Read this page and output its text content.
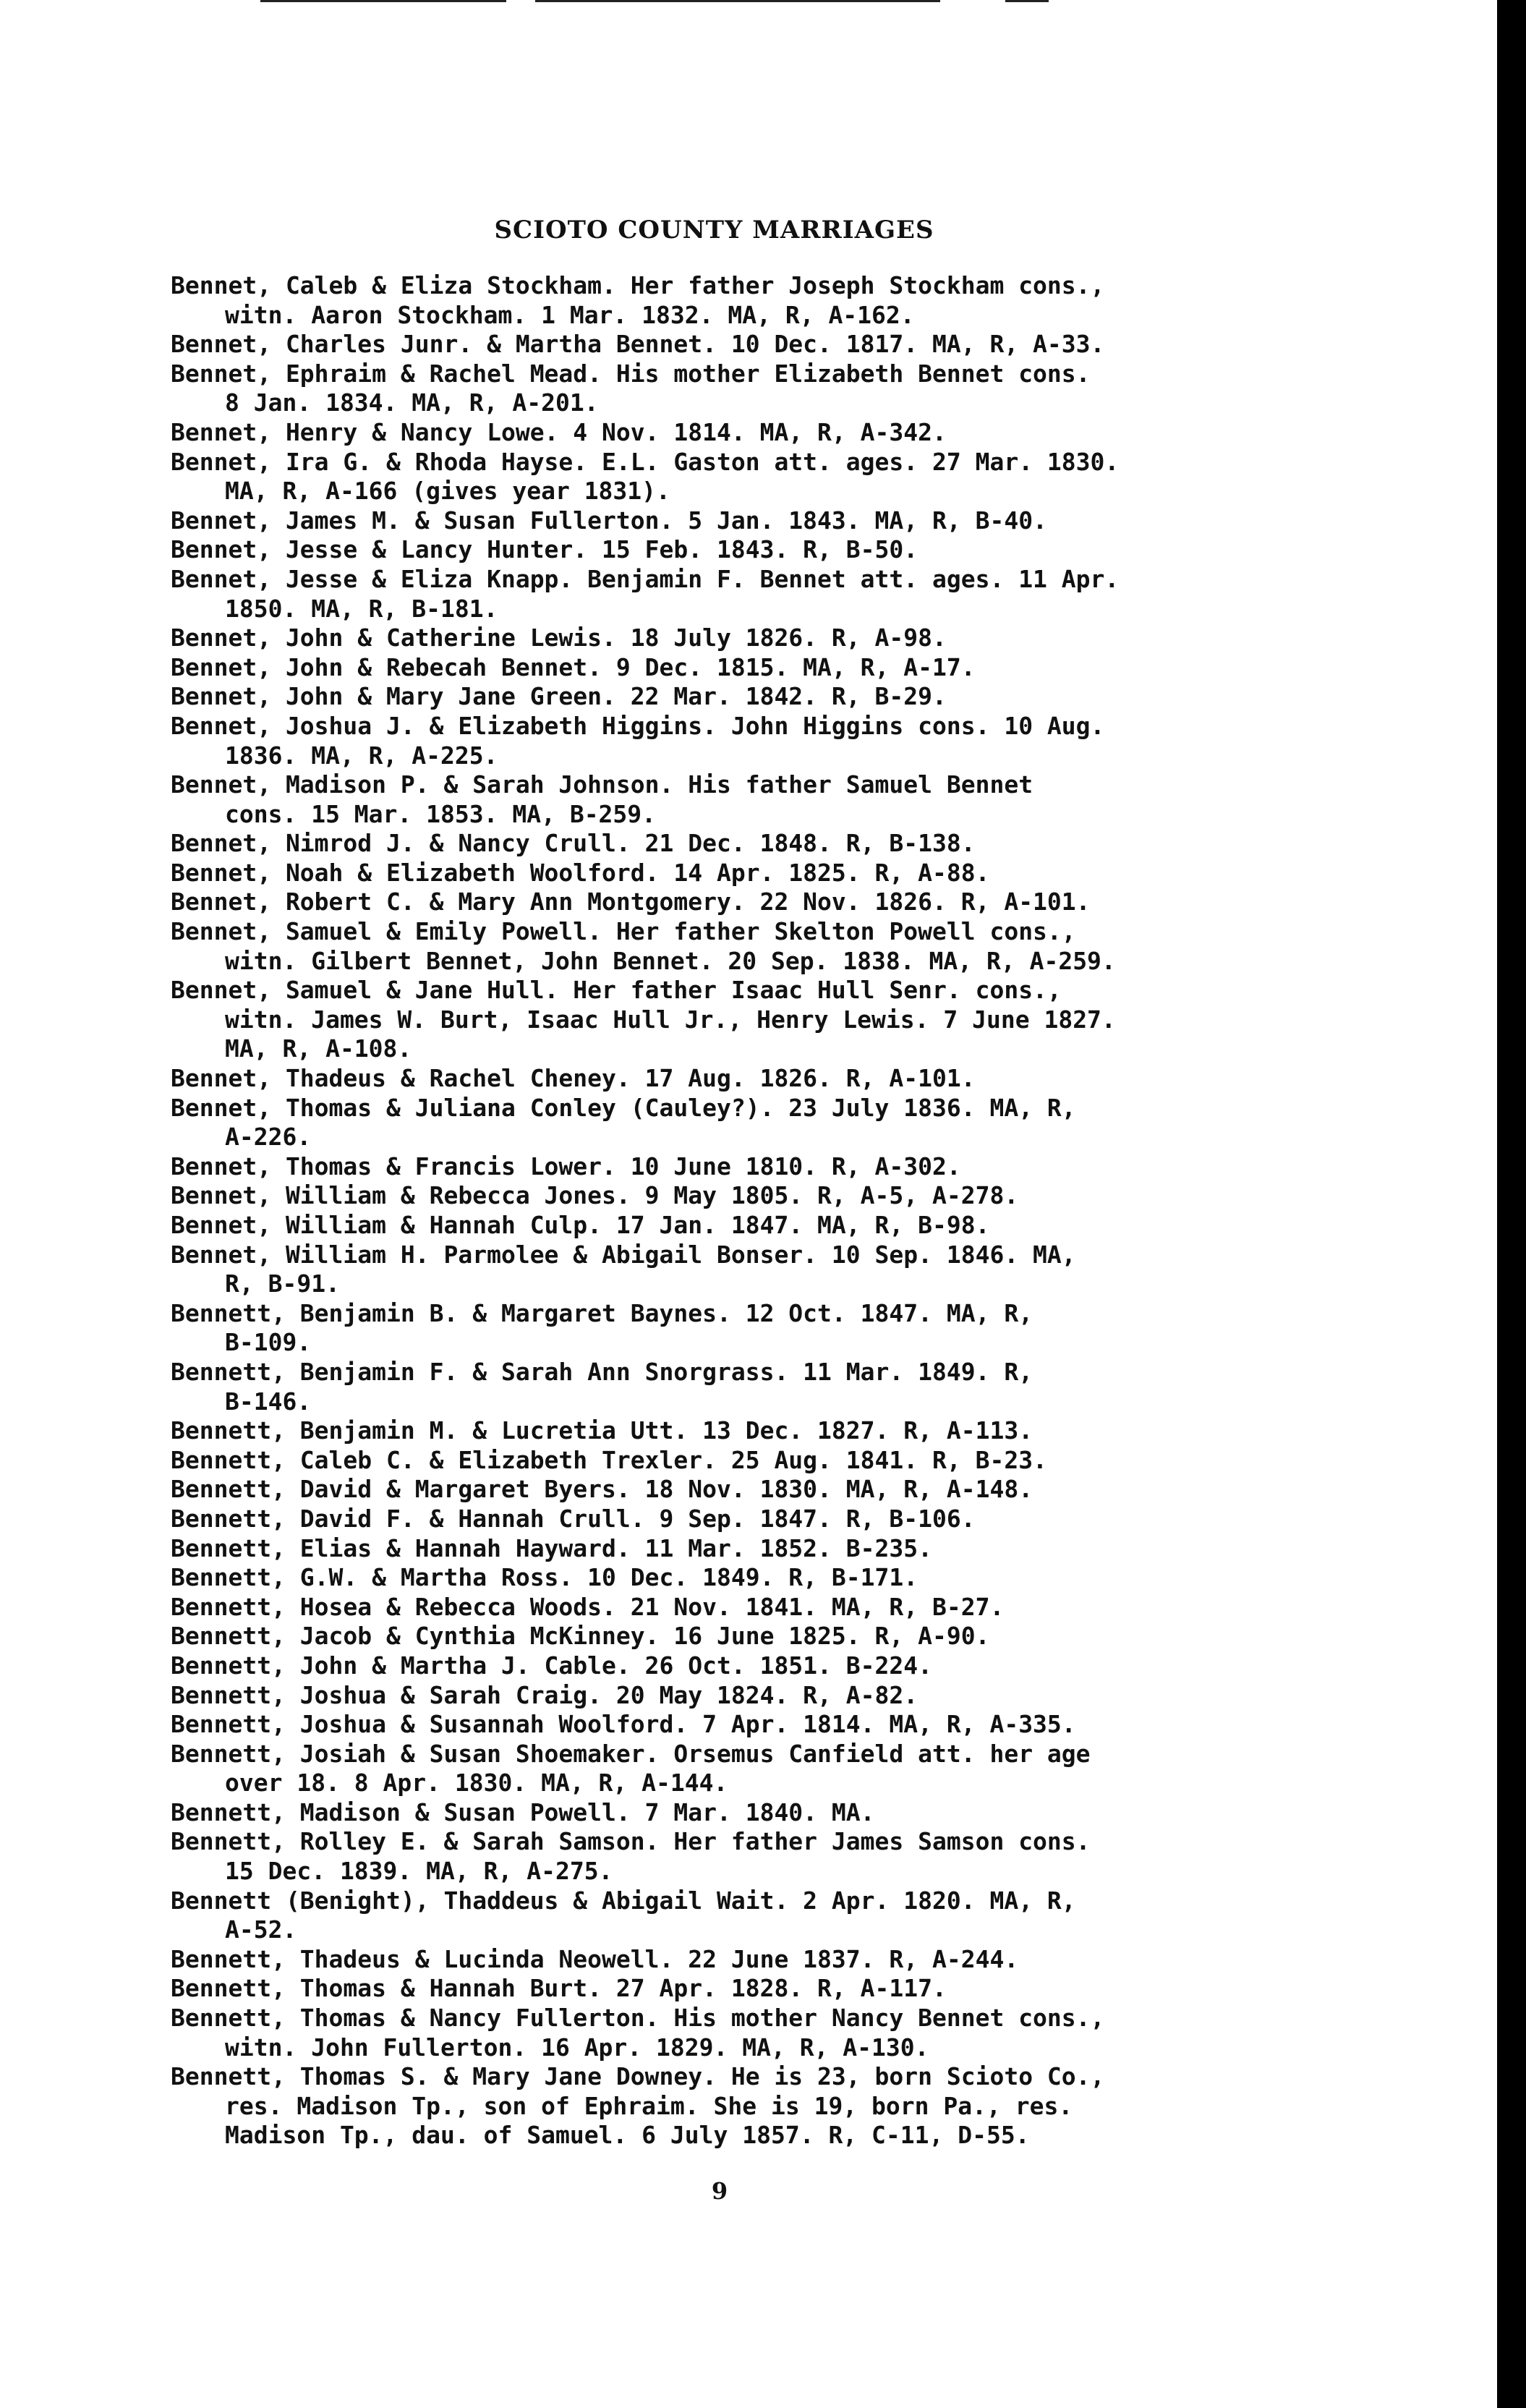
SCIOTO COUNTY MARRIAGES
Bennet, Caleb & Eliza Stockham. Her father Joseph Stockham cons.,
witn. Aaron Stockham. 1 Mar. 1832. MA, R, A-162.
Bennet, Charles Junr. & Martha Bennet. 10 Dec. 1817. MA, R, A-33.
Bennet, Ephraim & Rachel Mead. His mother Elizabeth Bennet cons.
8 Jan. 1834. MA, R, A-201.
Bennet, Henry & Nancy Lowe. 4 Nov. 1814. MA, R, A-342.
Bennet, Ira G. & Rhoda Hayse. E.L. Gaston att. ages. 27 Mar. 1830.
MA, R, A-166 (gives year 1831).
Bennet, James M. & Susan Fullerton. 5 Jan. 1843. MA, R, B-40.
Bennet, Jesse & Lancy Hunter. 15 Feb. 1843. R, B-50.
Bennet, Jesse & Eliza Knapp. Benjamin F. Bennet att. ages. 11 Apr.
1850. MA, R, B-181.
Bennet, John & Catherine Lewis. 18 July 1826. R, A-98.
Bennet, John & Rebecah Bennet. 9 Dec. 1815. MA, R, A-17.
Bennet, John & Mary Jane Green. 22 Mar. 1842. R, B-29.
Bennet, Joshua J. & Elizabeth Higgins. John Higgins cons. 10 Aug.
1836. MA, R, A-225.
Bennet, Madison P. & Sarah Johnson. His father Samuel Bennet
cons. 15 Mar. 1853. MA, B-259.
Bennet, Nimrod J. & Nancy Crull. 21 Dec. 1848. R, B-138.
Bennet, Noah & Elizabeth Woolford. 14 Apr. 1825. R, A-88.
Bennet, Robert C. & Mary Ann Montgomery. 22 Nov. 1826. R, A-101.
Bennet, Samuel & Emily Powell. Her father Skelton Powell cons.,
witn. Gilbert Bennet, John Bennet. 20 Sep. 1838. MA, R, A-259.
Bennet, Samuel & Jane Hull. Her father Isaac Hull Senr. cons.,
witn. James W. Burt, Isaac Hull Jr., Henry Lewis. 7 June 1827.
MA, R, A-108.
Bennet, Thadeus & Rachel Cheney. 17 Aug. 1826. R, A-101.
Bennet, Thomas & Juliana Conley (Cauley?). 23 July 1836. MA, R,
A-226.
Bennet, Thomas & Francis Lower. 10 June 1810. R, A-302.
Bennet, William & Rebecca Jones. 9 May 1805. R, A-5, A-278.
Bennet, William & Hannah Culp. 17 Jan. 1847. MA, R, B-98.
Bennet, William H. Parmolee & Abigail Bonser. 10 Sep. 1846. MA,
R, B-91.
Bennett, Benjamin B. & Margaret Baynes. 12 Oct. 1847. MA, R,
B-109.
Bennett, Benjamin F. & Sarah Ann Snorgrass. 11 Mar. 1849. R,
B-146.
Bennett, Benjamin M. & Lucretia Utt. 13 Dec. 1827. R, A-113.
Bennett, Caleb C. & Elizabeth Trexler. 25 Aug. 1841. R, B-23.
Bennett, David & Margaret Byers. 18 Nov. 1830. MA, R, A-148.
Bennett, David F. & Hannah Crull. 9 Sep. 1847. R, B-106.
Bennett, Elias & Hannah Hayward. 11 Mar. 1852. B-235.
Bennett, G.W. & Martha Ross. 10 Dec. 1849. R, B-171.
Bennett, Hosea & Rebecca Woods. 21 Nov. 1841. MA, R, B-27.
Bennett, Jacob & Cynthia McKinney. 16 June 1825. R, A-90.
Bennett, John & Martha J. Cable. 26 Oct. 1851. B-224.
Bennett, Joshua & Sarah Craig. 20 May 1824. R, A-82.
Bennett, Joshua & Susannah Woolford. 7 Apr. 1814. MA, R, A-335.
Bennett, Josiah & Susan Shoemaker. Orsemus Canfield att. her age
over 18. 8 Apr. 1830. MA, R, A-144.
Bennett, Madison & Susan Powell. 7 Mar. 1840. MA.
Bennett, Rolley E. & Sarah Samson. Her father James Samson cons.
15 Dec. 1839. MA, R, A-275.
Bennett (Benight), Thaddeus & Abigail Wait. 2 Apr. 1820. MA, R,
A-52.
Bennett, Thadeus & Lucinda Neowell. 22 June 1837. R, A-244.
Bennett, Thomas & Hannah Burt. 27 Apr. 1828. R, A-117.
Bennett, Thomas & Nancy Fullerton. His mother Nancy Bennet cons.,
witn. John Fullerton. 16 Apr. 1829. MA, R, A-130.
Bennett, Thomas S. & Mary Jane Downey. He is 23, born Scioto Co.,
res. Madison Tp., son of Ephraim. She is 19, born Pa., res.
Madison Tp., dau. of Samuel. 6 July 1857. R, C-11, D-55.
9
